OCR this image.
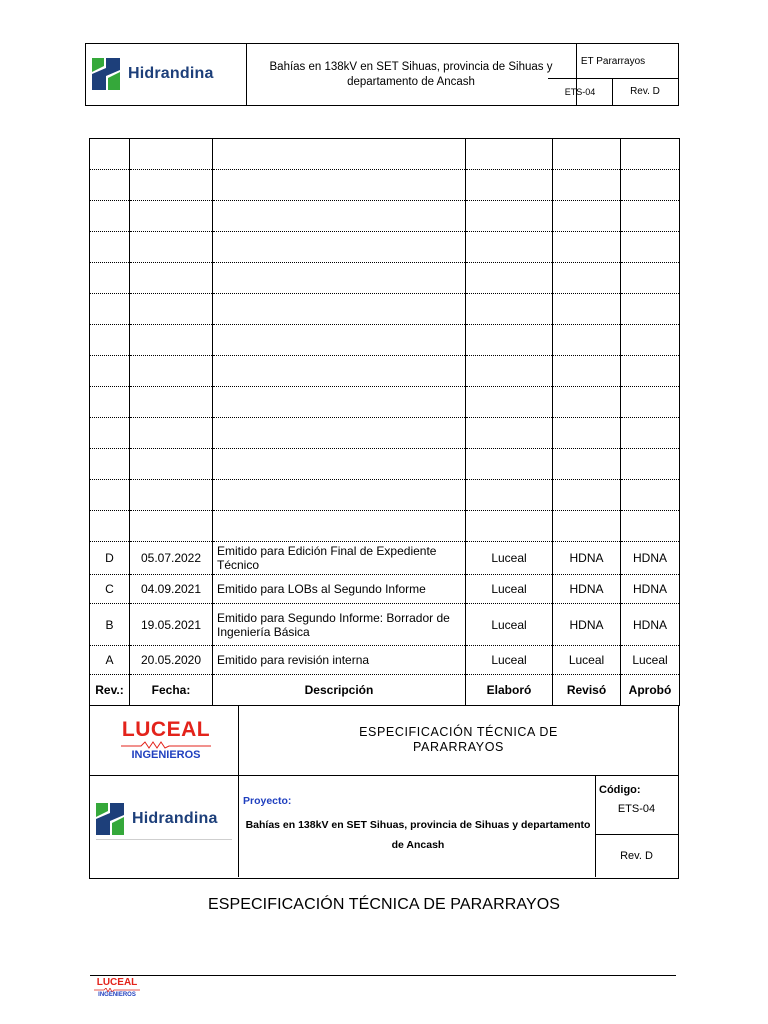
Hidrandina	Bahías en 138kV en SET Sihuas, provincia de Sihuas y departamento de Ancash
ET Pararrayos
ETS-04	Rev. D

D	05.07.2022	Emitido para Edición Final de Expediente Técnico	Luceal	HDNA	HDNA
C	04.09.2021	Emitido para LOBs al Segundo Informe	Luceal	HDNA	HDNA
B	19.05.2021	Emitido para Segundo Informe: Borrador de Ingeniería Básica	Luceal	HDNA	HDNA
A	20.05.2020	Emitido para revisión interna	Luceal	Luceal	Luceal
Rev.:	Fecha:	Descripción	Elaboró	Revisó	Aprobó
LUCEAL
INGENIEROS
ESPECIFICACIÓN TÉCNICA DE PARARRAYOS
Hidrandina
Proyecto:
Bahías en 138kV en SET Sihuas, provincia de Sihuas y departamento de Ancash
Código:
ETS-04
Rev. D
ESPECIFICACIÓN TÉCNICA DE PARARRAYOS
LUCEAL
INGENIEROS
